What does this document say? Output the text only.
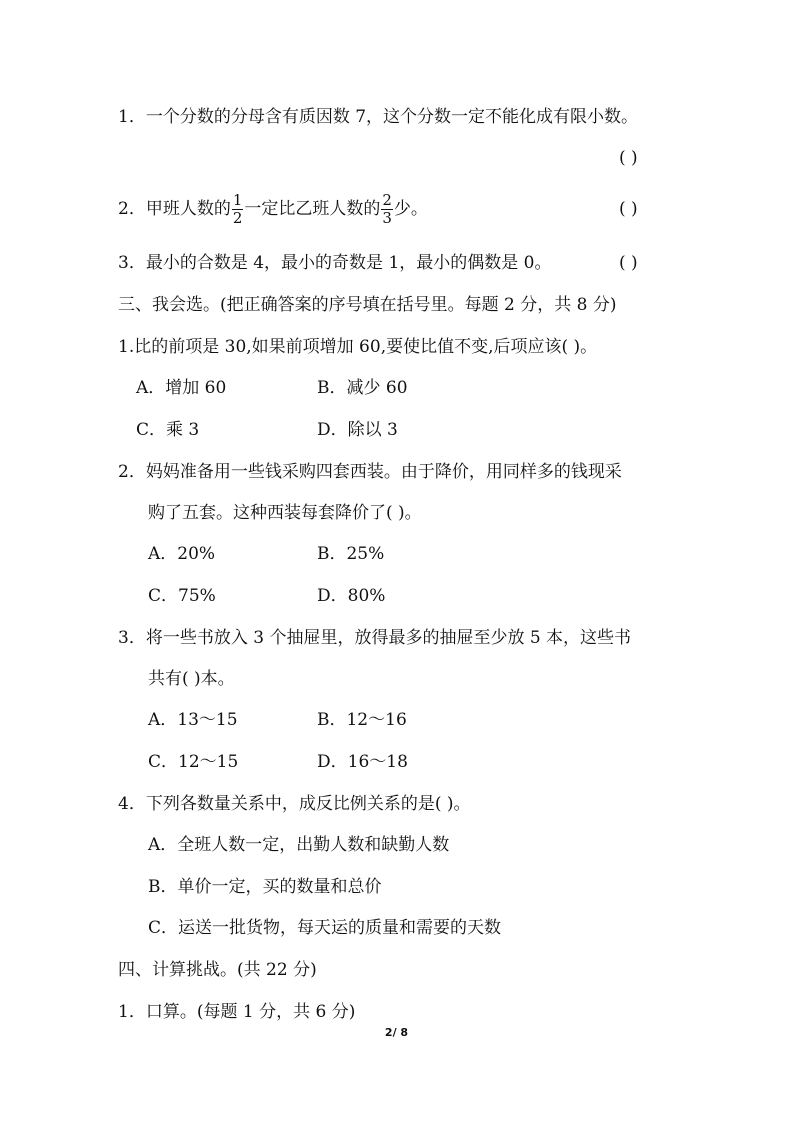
1．一个分数的分母含有质因数 7，这个分数一定不能化成有限小数。
( )
2．甲班人数的 $\frac{1}{2}$ 一定比乙班人数的 $\frac{2}{3}$ 少。	( )
3．最小的合数是 4，最小的奇数是 1，最小的偶数是 0。	( )
三、我会选。(把正确答案的序号填在括号里。每题 2 分，共 8 分)
1.比的前项是 30,如果前项增加 60,要使比值不变,后项应该( )。
A．增加 60	B．减少 60
C．乘 3	D．除以 3
2．妈妈准备用一些钱采购四套西装。由于降价，用同样多的钱现采
购了五套。这种西装每套降价了( )。
A．20%	B．25%
C．75%	D．80%
3．将一些书放入 3 个抽屉里，放得最多的抽屉至少放 5 本，这些书
共有( )本。
A．13～15	B．12～16
C．12～15	D．16～18
4．下列各数量关系中，成反比例关系的是( )。
A．全班人数一定，出勤人数和缺勤人数
B．单价一定，买的数量和总价
C．运送一批货物，每天运的质量和需要的天数
四、计算挑战。(共 22 分)
1．口算。(每题 1 分，共 6 分)
2/ 8
